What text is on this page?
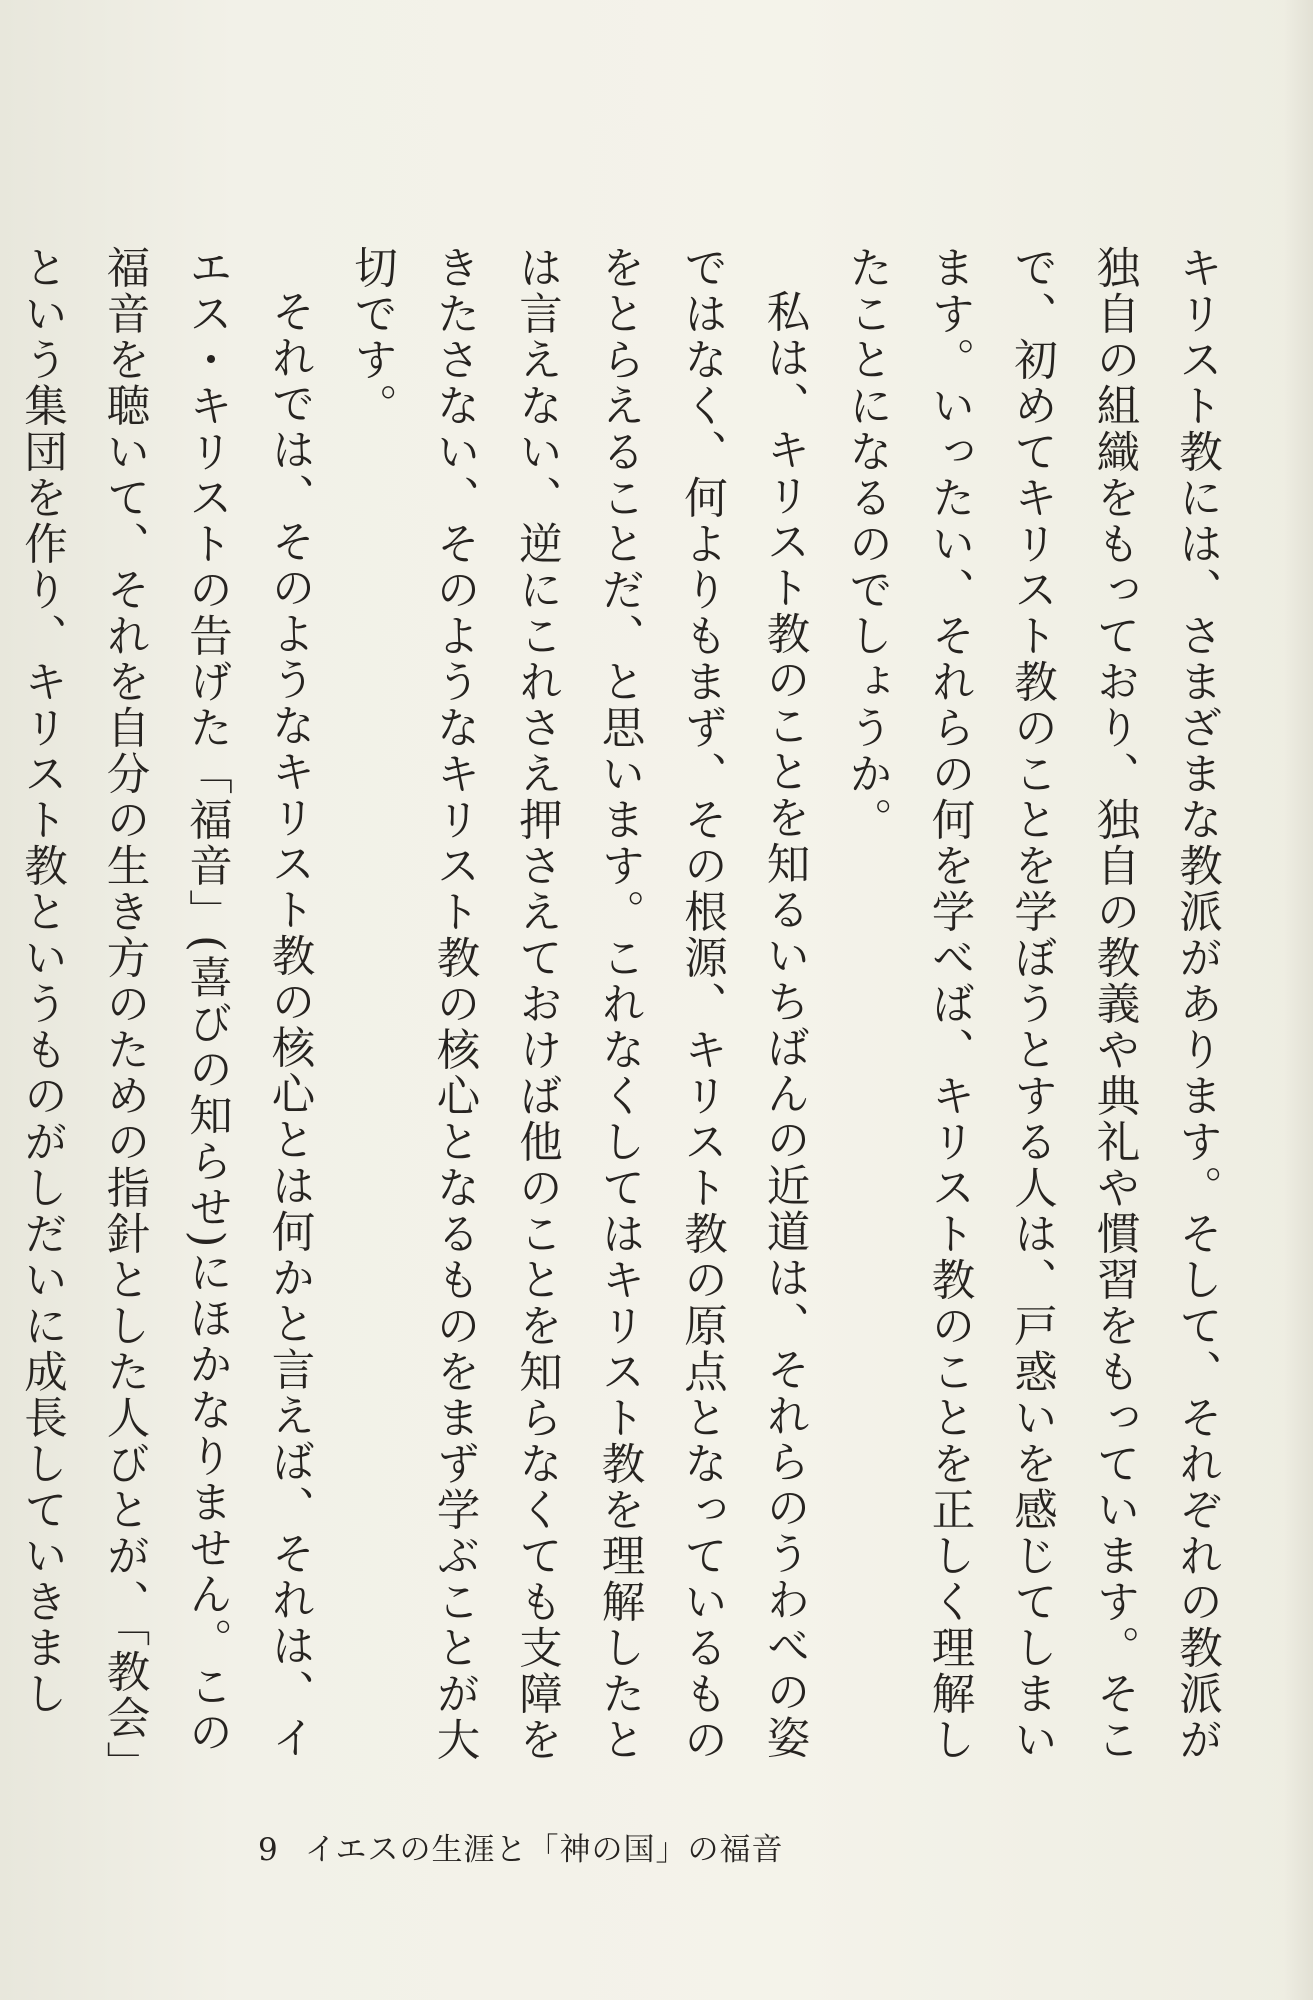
キリスト教には、さまざまな教派があります。そして、それぞれの教派が独自の組織をもっており、独自の教義や典礼や慣習をもっています。そこで、初めてキリスト教のことを学ぼうとする人は、戸惑いを感じてしまいます。いったい、それらの何を学べば、キリスト教のことを正しく理解したことになるのでしょうか。

私は、キリスト教のことを知るいちばんの近道は、それらのうわべの姿ではなく、何よりもまず、その根源、キリスト教の原点となっているものをとらえることだ、と思います。これなくしてはキリスト教を理解したとは言えない、逆にこれさえ押さえておけば他のことを知らなくても支障をきたさない、そのようなキリスト教の核心となるものをまず学ぶことが大切です。

それでは、そのようなキリスト教の核心とは何かと言えば、それは、イエス・キリストの告げた「福音」(喜びの知らせ)にほかなりません。この福音を聴いて、それを自分の生き方のための指針とした人びとが、「教会」という集団を作り、キリスト教というものがしだいに成長していきまし

9 イエスの生涯と「神の国」の福音
